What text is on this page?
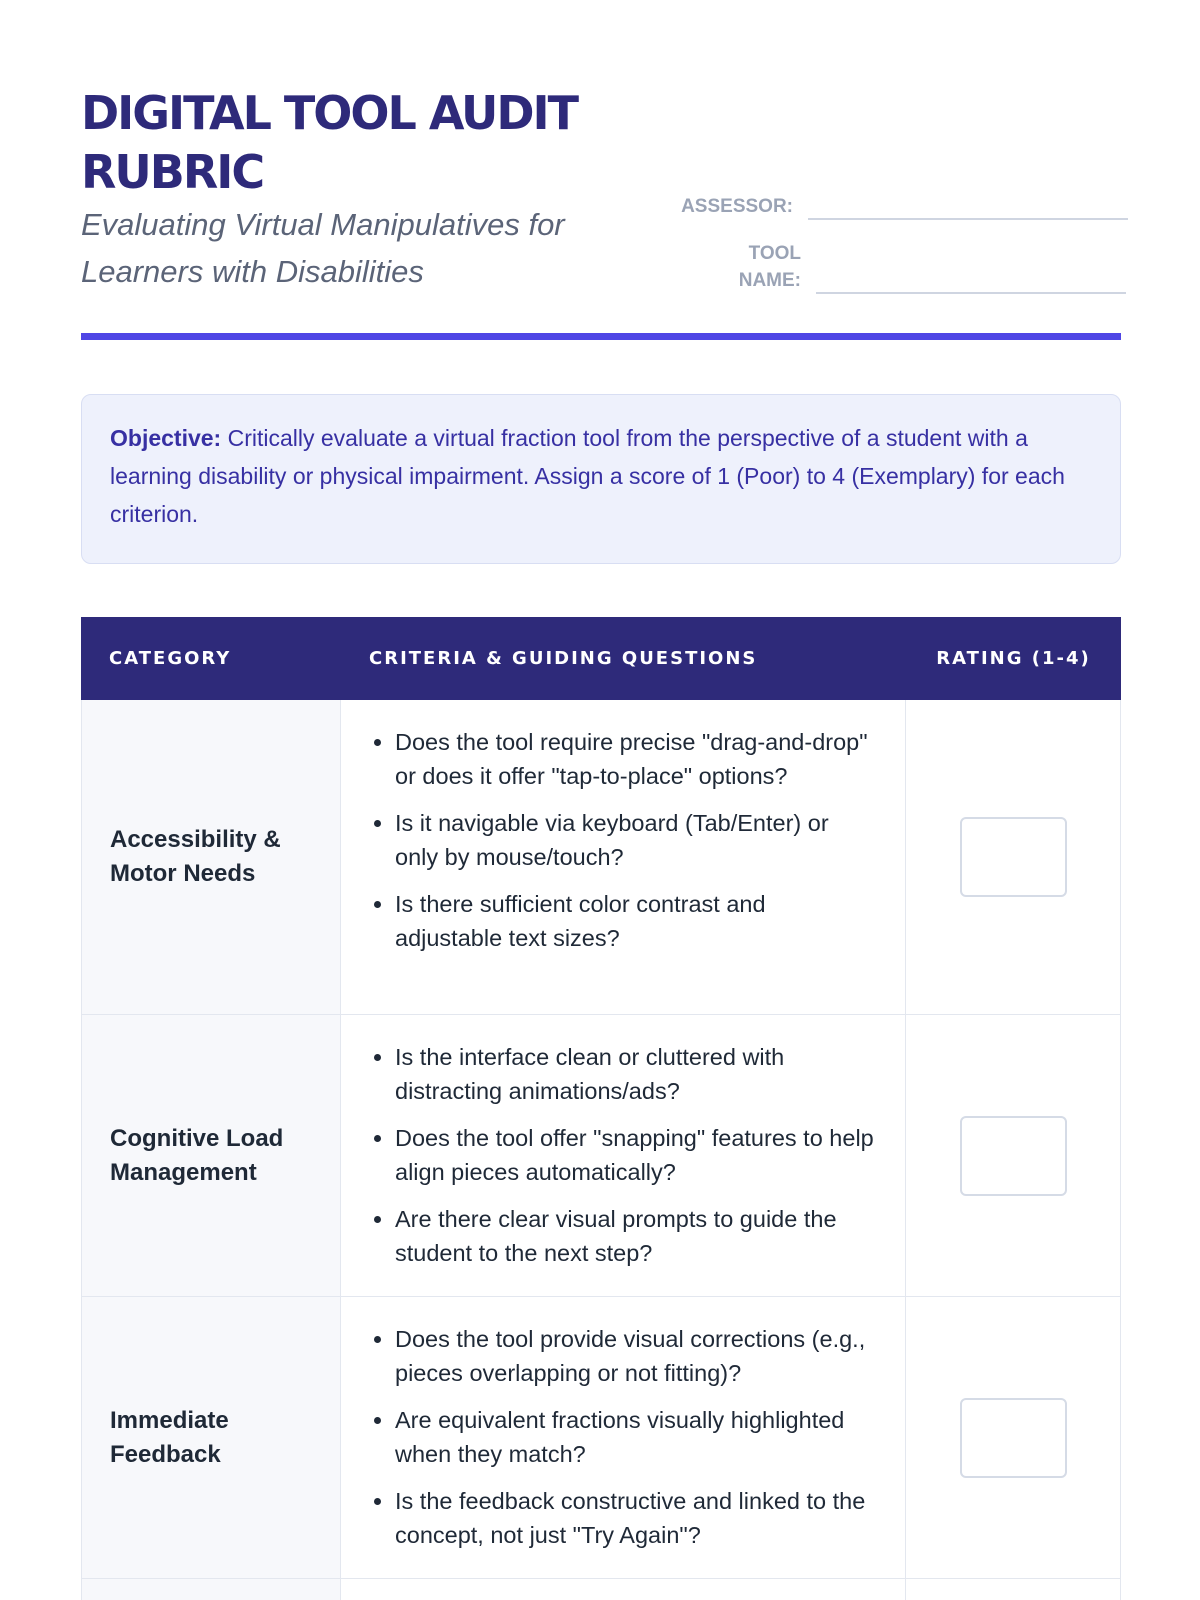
DIGITAL TOOL AUDIT RUBRIC
Evaluating Virtual Manipulatives for Learners with Disabilities
ASSESSOR:
TOOL NAME:
Objective: Critically evaluate a virtual fraction tool from the perspective of a student with a learning disability or physical impairment. Assign a score of 1 (Poor) to 4 (Exemplary) for each criterion.
CATEGORY	CRITERIA & GUIDING QUESTIONS	RATING (1-4)
Accessibility & Motor Needs
• Does the tool require precise "drag-and-drop" or does it offer "tap-to-place" options?
• Is it navigable via keyboard (Tab/Enter) or only by mouse/touch?
• Is there sufficient color contrast and adjustable text sizes?
Cognitive Load Management
• Is the interface clean or cluttered with distracting animations/ads?
• Does the tool offer "snapping" features to help align pieces automatically?
• Are there clear visual prompts to guide the student to the next step?
Immediate Feedback
• Does the tool provide visual corrections (e.g., pieces overlapping or not fitting)?
• Are equivalent fractions visually highlighted when they match?
• Is the feedback constructive and linked to the concept, not just "Try Again"?
